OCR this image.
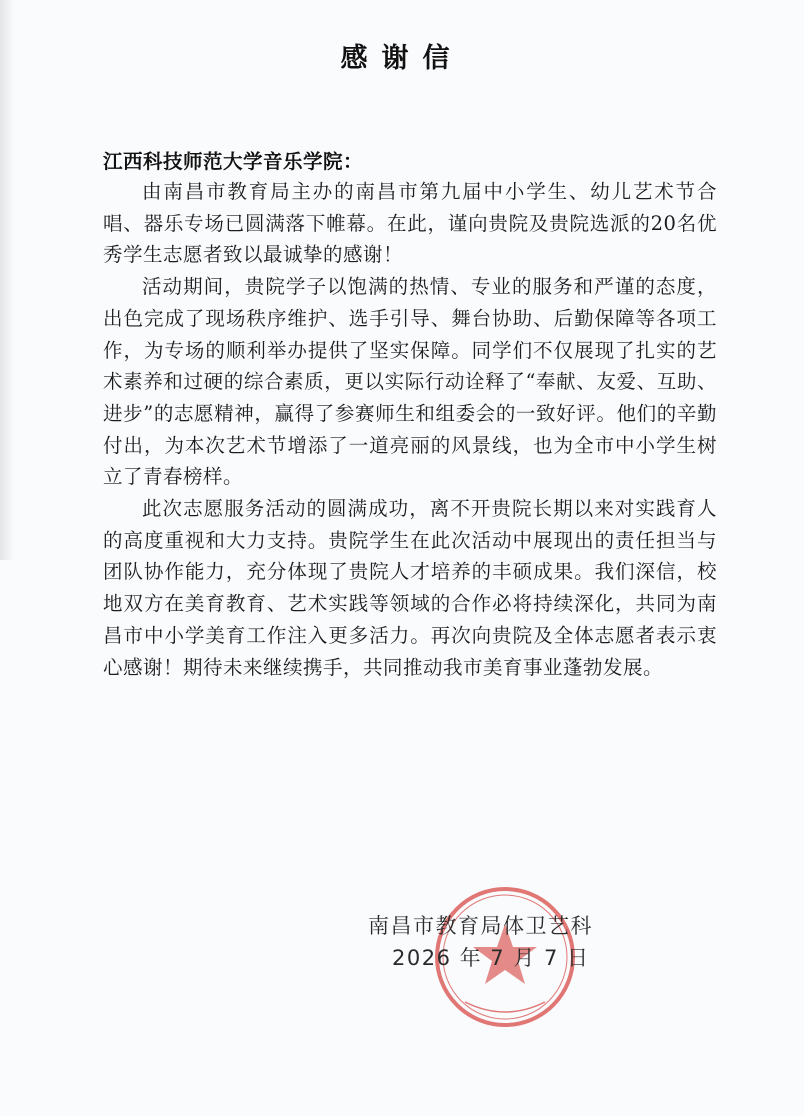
感谢信
江西科技师范大学音乐学院：

由南昌市教育局主办的南昌市第九届中小学生、幼儿艺术节合唱、器乐专场已圆满落下帷幕。在此，谨向贵院及贵院选派的20名优秀学生志愿者致以最诚挚的感谢！

活动期间，贵院学子以饱满的热情、专业的服务和严谨的态度，出色完成了现场秩序维护、选手引导、舞台协助、后勤保障等各项工作，为专场的顺利举办提供了坚实保障。同学们不仅展现了扎实的艺术素养和过硬的综合素质，更以实际行动诠释了“奉献、友爱、互助、进步”的志愿精神，赢得了参赛师生和组委会的一致好评。他们的辛勤付出，为本次艺术节增添了一道亮丽的风景线，也为全市中小学生树立了青春榜样。

此次志愿服务活动的圆满成功，离不开贵院长期以来对实践育人的高度重视和大力支持。贵院学生在此次活动中展现出的责任担当与团队协作能力，充分体现了贵院人才培养的丰硕成果。我们深信，校地双方在美育教育、艺术实践等领域的合作必将持续深化，共同为南昌市中小学美育工作注入更多活力。再次向贵院及全体志愿者表示衷心感谢！期待未来继续携手，共同推动我市美育事业蓬勃发展。

南昌市教育局体卫艺科
2026 年 7 月 7 日
